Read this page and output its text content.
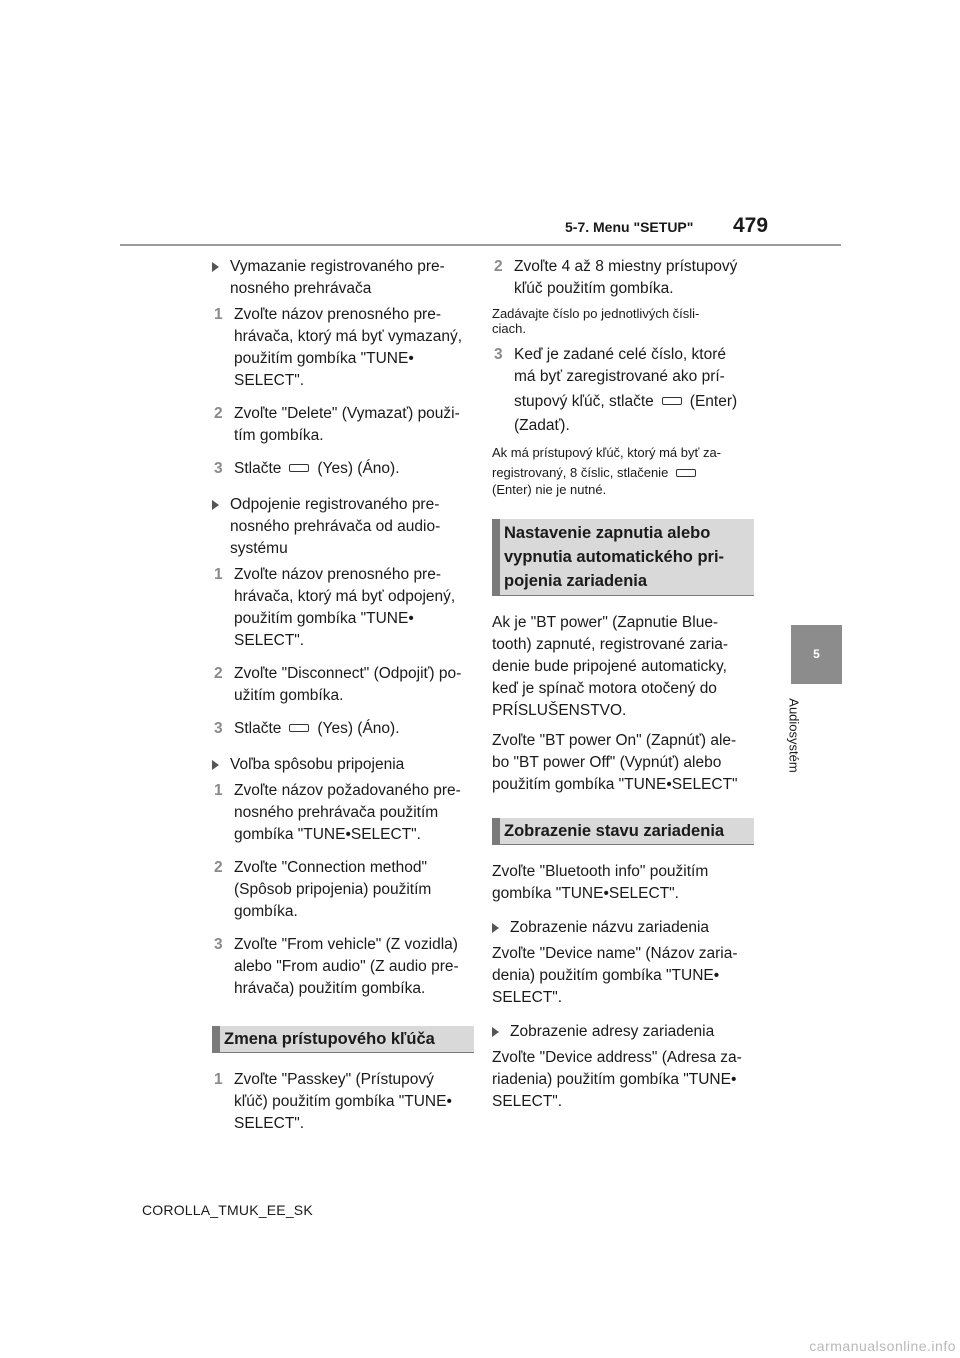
5-7. Menu "SETUP" 479
5
Audiosystém
Vymazanie registrovaného pre-
nosného prehrávača
1 Zvoľte názov prenosného pre-
hrávača, ktorý má byť vymazaný,
použitím gombíka "TUNE•
SELECT".
2 Zvoľte "Delete" (Vymazať) použi-
tím gombíka.
3 Stlačte (Yes) (Áno).
Odpojenie registrovaného pre-
nosného prehrávača od audio-
systému
1 Zvoľte názov prenosného pre-
hrávača, ktorý má byť odpojený,
použitím gombíka "TUNE•
SELECT".
2 Zvoľte "Disconnect" (Odpojiť) po-
užitím gombíka.
3 Stlačte (Yes) (Áno).
Voľba spôsobu pripojenia
1 Zvoľte názov požadovaného pre-
nosného prehrávača použitím
gombíka "TUNE•SELECT".
2 Zvoľte "Connection method"
(Spôsob pripojenia) použitím
gombíka.
3 Zvoľte "From vehicle" (Z vozidla)
alebo "From audio" (Z audio pre-
hrávača) použitím gombíka.
Zmena prístupového kľúča
1 Zvoľte "Passkey" (Prístupový
kľúč) použitím gombíka "TUNE•
SELECT".
2 Zvoľte 4 až 8 miestny prístupový
kľúč použitím gombíka.
Zadávajte číslo po jednotlivých čísli-
ciach.
3 Keď je zadané celé číslo, ktoré
má byť zaregistrované ako prí-
stupový kľúč, stlačte (Enter)
(Zadať).
Ak má prístupový kľúč, ktorý má byť za-
registrovaný, 8 číslic, stlačenie
(Enter) nie je nutné.
Nastavenie zapnutia alebo
vypnutia automatického pri-
pojenia zariadenia
Ak je "BT power" (Zapnutie Blue-
tooth) zapnuté, registrované zaria-
denie bude pripojené automaticky,
keď je spínač motora otočený do
PRÍSLUŠENSTVO.
Zvoľte "BT power On" (Zapnúť) ale-
bo "BT power Off" (Vypnúť) alebo
použitím gombíka "TUNE•SELECT"
Zobrazenie stavu zariadenia
Zvoľte "Bluetooth info" použitím
gombíka "TUNE•SELECT".
Zobrazenie názvu zariadenia
Zvoľte "Device name" (Názov zaria-
denia) použitím gombíka "TUNE•
SELECT".
Zobrazenie adresy zariadenia
Zvoľte "Device address" (Adresa za-
riadenia) použitím gombíka "TUNE•
SELECT".
COROLLA_TMUK_EE_SK
carmanualsonline.info
